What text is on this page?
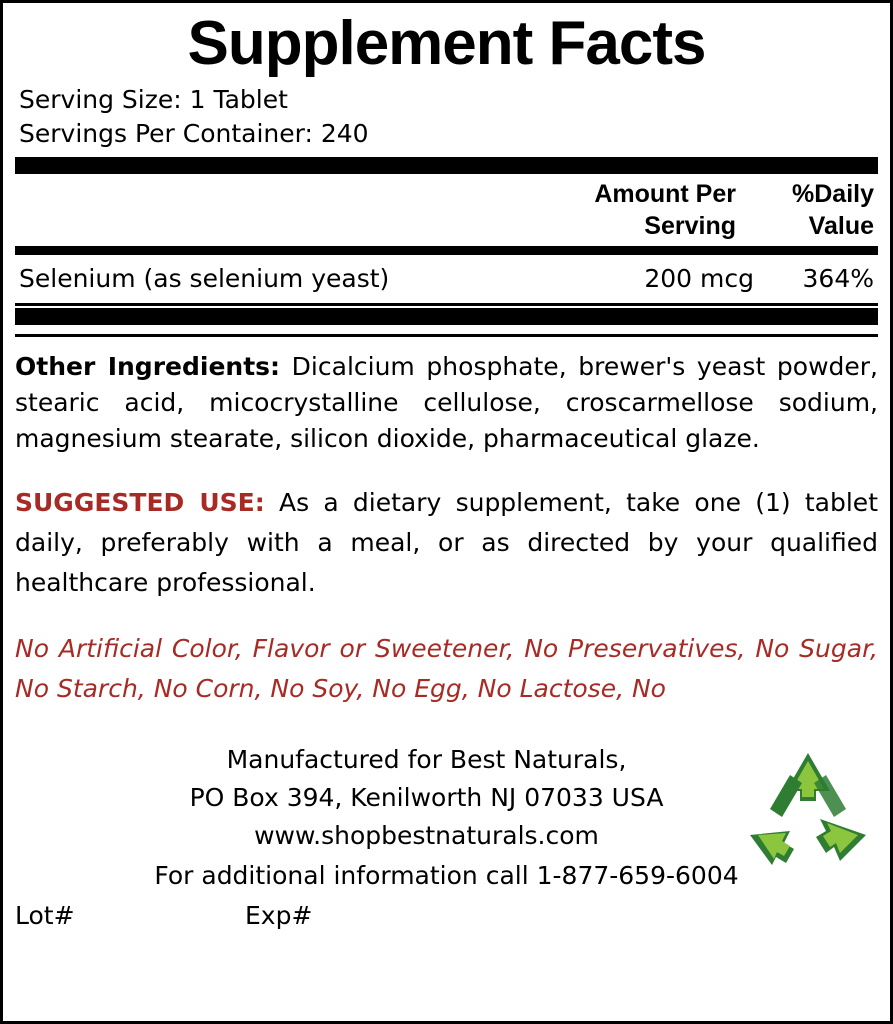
Supplement Facts
Serving Size: 1 Tablet
Servings Per Container: 240
Amount Per
Serving
%Daily
Value
Selenium (as selenium yeast)	200 mcg	364%
Other Ingredients: Dicalcium phosphate, brewer's yeast powder, stearic acid, micocrystalline cellulose, croscarmellose sodium, magnesium stearate, silicon dioxide, pharmaceutical glaze.
SUGGESTED USE: As a dietary supplement, take one (1) tablet daily, preferably with a meal, or as directed by your qualified healthcare professional.
No Artificial Color, Flavor or Sweetener, No Preservatives, No Sugar, No Starch, No Corn, No Soy, No Egg, No Lactose, No
Manufactured for Best Naturals,
PO Box 394, Kenilworth NJ 07033 USA
www.shopbestnaturals.com
For additional information call 1-877-659-6004
Lot#	Exp#
